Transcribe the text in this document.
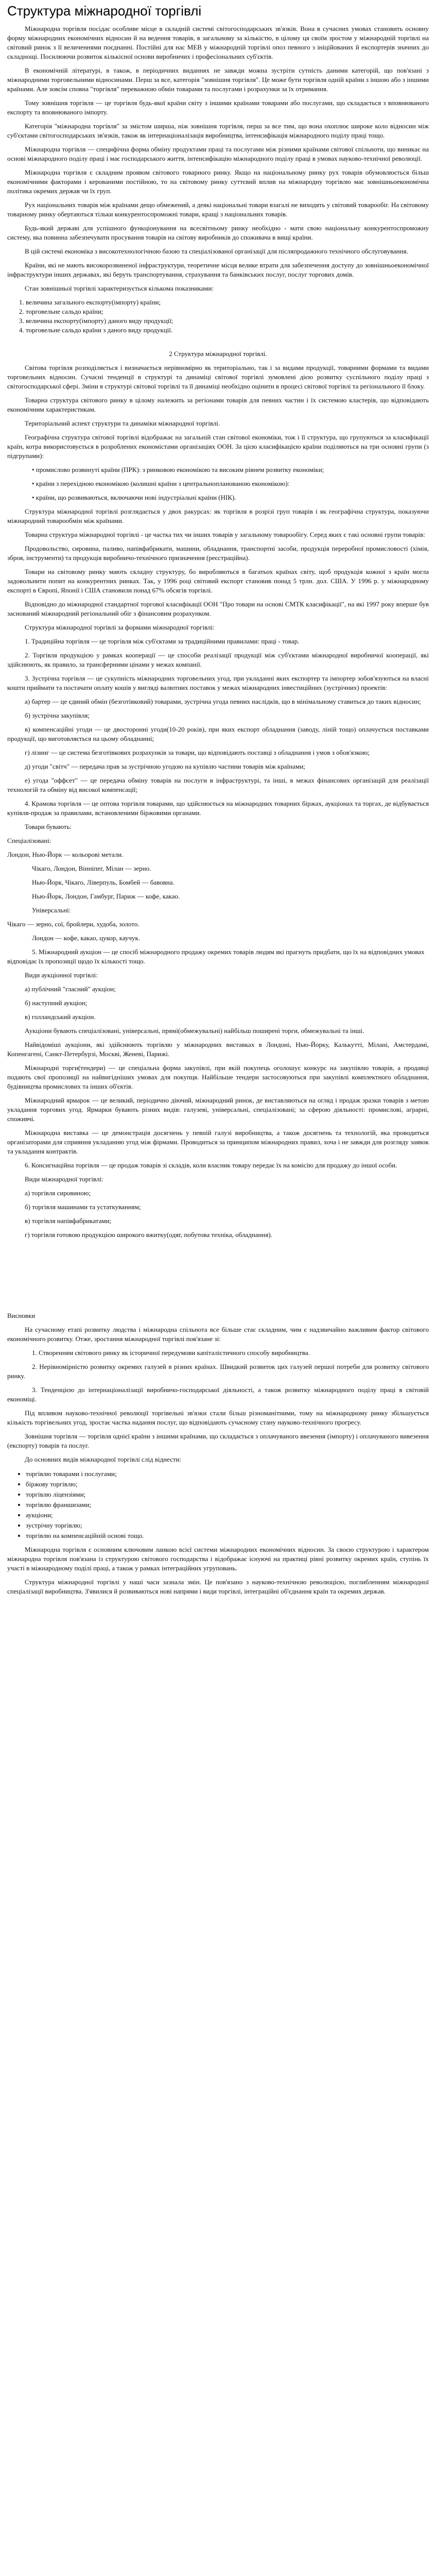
Структура міжнародної торгівлі

Міжнародна торгівля посідає особливе місце в складній системі світогосподарських зв'язків. Вона в сучасних умовах становить основну форму міжнародних економічних відносин й на ведення товарів, в загальному за кількістю, в цілому ця своїм зростом у міжнародній торгівлі на світовий ринок з її величеннями поєднанні. Постійні для нас МЕВ у міжнародній торгівлі опоз певного з ініційованих й експортерів значних до складнощі. Посилюючи розвиток кількісної основи виробничих і професіональних суб'єктів.

В економічній літературі, в також, в періодичних виданнях не завжди можна зустріти сутність даними категорій, що пов'язані з міжнародними торговельними відносинами. Перш за все, категорія "зовнішня торгівля". Це може бути торгівля одній країни з іншою або з іншими країнами. Але зовсім сповна "торгівля" переважною обмін товарами та послугами і розрахунки за їх отримання.

Тому зовнішня торгівля — це торгівля будь-якої країни світу з іншими країнами товарами або послугами, що складається з вповнюваного експорту та вповнюваного імпорту.

Категорія "міжнародна торгівля" за змістом ширша, ніж зовнішня торгівля, перш за все тим, що вона охоплює широке коло відносин між суб'єктами світогосподарських зв'язків, також як інтернаціоналізація виробництва, інтенсифікація міжнародного поділу праці тощо.

Міжнародна торгівля — специфічна форма обміну продуктами праці та послугами між різними країнами світової спільноти, що виникає на основі міжнародного поділу праці і має господарського життя, інтенсифікацію міжнародного поділу праці в умовах науково-технічної революції.

Міжнародна торгівля є складним проявом світового товарного ринку. Якщо на національному ринку рух товарів обумовлюється більш економічними факторами і керованими постійною, то на світовому ринку суттєвий вплив на міжнародну торгівлю має зовнішньоекономічна політика окремих держав чи їх груп.

Рух національних товарів між країнами дещо обмежений, а деякі національні товари взагалі не виходять у світовий товарообіг. На світовому товарному ринку обертаються тільки конкурентоспроможні товари, кращі з національних товарів.

Будь-який державі для успішного функціонування на всесвітньому ринку необхідно - мати свою національну конкурентоспроможну систему, яка повинна забезпечувати просування товарів на світову виробників до споживача в вищі країни.

В цій системі економіка з високотехнологічною базою та спеціалізованої організації для післяпродажного технічного обслуговування.

Країни, які не мають високорозвиненої інфраструктури, теоретичне місця велике втрати для забезпечення доступу до зовнішньоекономічної інфраструктури інших державах, які беруть транспортування, страхування та банківських послуг, послуг торгових домів.

Стан зовнішньої торгівлі характеризується кількома показниками:

1. величина загального експорту(імпорту) країни;
2. торговельне сальдо країни;
3. величина експорту(імпорту) даного виду продукції;
4. торговельне сальдо країни з даного виду продукції.

2 Структура міжнародної торгівлі.

Світова торгівля розподіляється і визначається нерівномірно як територіально, так і за видами продукції, товарними формами та видами торговельних відносин. Сучасні тенденції в структурі та динаміці світової торгівлі зумовлені дією розвитку суспільного поділу праці з світогосподарської сфері. Зміни в структурі світової торгівлі та її динаміці необхідно оцінити в процесі світової торгівлі та регіонального її блоку.

Товарна структура світового ринку в цілому належить за регіонами товарів для певних частин і їх системою кластерів, що відповідають економічним характеристикам.

Територіальний аспект структури та динаміки міжнародної торгівлі.

Географічна структура світової торгівлі відображає на загальній стан світової економіки, тож і її структура, що групуються за класифікації країн, котра використовується в розроблених економістами організаціях ООН. За цією класифікацією країни поділяються на три основні групи (з підгрупами):

• промислово розвинуті країни (ПРК): з ринковою економікою та високим рівнем розвитку економіки;

• країни з перехідною економікою (колишні країни з центральнопланованою економікою):

• країни, що розвиваються, включаючи нові індустріальні країни (НІК).

Структура міжнародної торгівлі розглядається у двох ракурсах: як торгівля в розрізі груп товарів і як географічна структура, показуючи міжнародний товарообмін між країнами.

Товарна структура міжнародної торгівлі - це частка тих чи інших товарів у загальному товарообігу. Серед яких є такі основні групи товарів:

Продовольство, сировина, паливо, напівфабрикати, машини, обладнання, транспортні засоби, продукція переробної промисловості (хімія, зброя, інструменти) та продукція виробничо-технічного призначення (реєстраційна).

Товари на світовому ринку мають складну структуру, бо виробляються в багатьох країнах світу, щоб продукція кожної з країн могла задовольнити попит на конкурентних ринках. Так, у 1996 році світовий експорт становив понад 5 трлн. дол. США. У 1996 р. у міжнародному експорті в Європі, Японії і США становили понад 67% обсягів торгівлі.

Відповідно до міжнародної стандартної торгової класифікації ООН "Про товари на основі СМТК класифікації", на які 1997 року вперше був заснований міжнародний регіональний обіг з фінансовим розрахунком.

Структура міжнародної торгівлі за формами міжнародної торгівлі:

1. Традиційна торгівля — це торгівля між суб'єктами за традиційними правилами: праці - товар.

2. Торгівля продукцією у рамках кооперації — це способи реалізації продукції між суб'єктами міжнародної виробничої кооперації, які здійснюють, як правило, за трансферними цінами у межах компанії.

3. Зустрічна торгівля — це сукупність міжнародних торговельних угод, при укладанні яких експортер та імпортер зобов'язуються на власні кошти приймати та постачати оплату кошів у вигляді валютних поставок у межах міжнародних інвестиційних (зустрічних) проектів:

а) бартер — це єдиний обмін (безготівковий) товарами, зустрічна угода певних наслідків, що в мінімальному ставиться до таких відносин;

б) зустрічна закупівля;

в) компенсаційні угоди — це двосторонні угоди(10-20 років), при яких експорт обладнання (заводу, ліній тощо) оплачується поставками продукції, що виготовляється на цьому обладнанні;

г) лізинг — це система безготівкових розрахунків за товари, що відповідають поставці з обладнання і умов з обов'язкою;

д) угоди "світч" — передача прав за зустрічною угодою на купівлю частини товарів між країнами;

е) угода "оффсет" — це передача обміну товарів на послуги в інфраструктурі, та інші, в межах фінансових організацій для реалізації технологій та обміну від високої компенсації;

4. Крамова торгівля — це оптова торгівля товарами, що здійснюється на міжнародних товарних біржах, аукціонах та торгах, де відбувається купівля-продаж за правилами, встановленими біржовими органами.

Товари бувають:

Спеціалізовані:

Лондон, Нью-Йорк — кольорові метали.

Чікаго, Лондон, Вінніпег, Мілан — зерно.

Нью-Йорк, Чікаго, Ліверпуль, Бомбей — бавовна.

Нью-Йорк, Лондон, Гамбург, Париж — кофе, какао.

Універсальні:

Чікаго — зерно, сої, бройлери, худоба, золото.

Лондон — кофе, какао, цукор, каучук.

5. Міжнародний аукціон — це спосіб міжнародного продажу окремих товарів людям які прагнуть придбати, що їх на відповідних умовах відповідає їх пропозиції щодо їх кількості тощо.

Види аукціонної торгівлі:

а) публічний "гласний" аукціон;

б) наступний аукціон;

в) голландський аукціон.

Аукціони бувають спеціалізовані, універсальні, прямі(обмежувальні) найбільш поширені торги, обмежувальні та інші.

Найвідоміші аукціони, які здійснюють торгівлю у міжнародних виставках в Лондоні, Нью-Йорку, Калькутті, Мілані, Амстердамі, Копенгагені, Санкт-Петербурзі, Москві, Женеві, Парижі.

Міжнародні торги(тендери) — це спеціальна форма закупівлі, при якій покупець оголошує конкурс на закупівлю товарів, а продавці подають свої пропозиції на найвигідніших умовах для покупця. Найбільше тендери застосовуються при закупівлі комплектного обладнання, будівництва промислових та інших об'єктів.

Міжнародний ярмарок — це великий, періодично діючий, міжнародний ринок, де виставляються на огляд і продаж зразки товарів з метою укладання торгових угод. Ярмарки бувають різних видів: галузеві, універсальні, спеціалізовані; за сферою діяльності: промислові, аграрні, споживчі.

Міжнародна виставка — це демонстрація досягнень у певній галузі виробництва, а також досягнень та технологій, яка проводиться організаторами для сприяння укладанню угод між фірмами. Проводиться за принципом міжнародних правил, хоча і не завжди для розгляду заявок та укладання контрактів.

6. Консигнаційна торгівля — це продаж товарів зі складів, коли власник товару передає їх на комісію для продажу до іншої особи.

Види міжнародної торгівлі:

а) торгівля сировиною;

б) торгівля машинами та устаткуванням;

в) торгівля напівфабрикатами;

г) торгівля готовою продукцією широкого вжитку(одяг, побутова техніка, обладнання).

Висновки

На сучасному етапі розвитку людства і міжнародна спільнота все більше стає складним, чим є надзвичайно важливим фактор світового економічного розвитку. Отже, зростання міжнародної торгівлі пов'язане зі:

1. Створенням світового ринку як історичної передумови капіталістичного способу виробництва.

2. Нерівномірністю розвитку окремих галузей в різних країнах. Швидкий розвиток цих галузей першої потреби для розвитку світового ринку.

3. Тенденцією до інтернаціоналізації виробничо-господарської діяльності, а також розвитку міжнародного поділу праці в світовій економіці.

Під впливом науково-технічної революції торгівельні зв'язки стали більш різноманітними, тому на міжнародному ринку збільшується кількість торгівельних угод, зростає частка надання послуг, що відповідають сучасному стану науково-технічного прогресу.

Зовнішня торгівля — торгівля однієї країни з іншими країнами, що складається з оплачуваного ввезення (імпорту) і оплачуваного вивезення (експорту) товарів та послуг.

До основних видів міжнародної торгівлі слід віднести:

• торгівлю товарами і послугами;
• біржову торгівлю;
• торгівлю ліцензіями;
• торгівлю франшизами;
• аукціони;
• зустрічну торгівлю;
• торгівлю на компенсаційній основі тощо.

Міжнародна торгівля є основним ключовим ланкою всієї системи міжнародних економічних відносин. За своєю структурою і характером міжнародна торгівля пов'язана із структурою світового господарства і відображає існуючі на практиці рівні розвитку окремих країн, ступінь їх участі в міжнародному поділі праці, а також у рамках інтеграційних угруповань.

Структура міжнародної торгівлі у наші часи зазнала змін. Це пов'язано з науково-технічною революцією, поглибленням міжнародної спеціалізації виробництва. З'явилися й розвиваються нові напрями і види торгівлі, інтеграційні об'єднання країн та окремих держав.
